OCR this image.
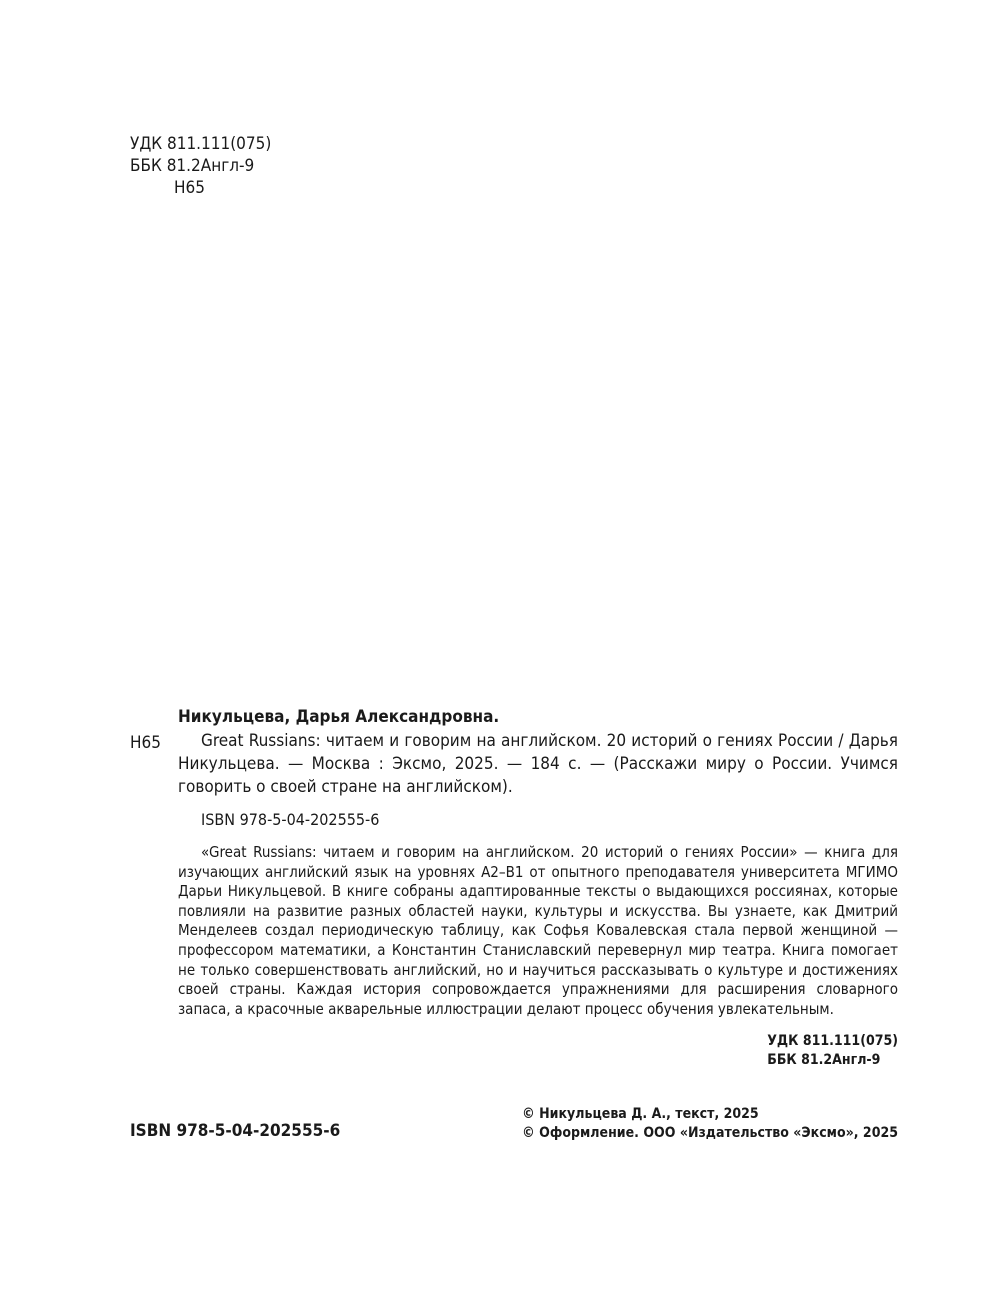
УДК 811.111(075)
ББК 81.2Англ-9
Н65
Никульцева, Дарья Александровна.
Н65	Great Russians: читаем и говорим на английском. 20 историй о гениях России / Дарья Никульцева. — Москва : Эксмо, 2025. — 184 с. — (Расскажи миру о России. Учимся говорить о своей стране на английском).
ISBN 978-5-04-202555-6
«Great Russians: читаем и говорим на английском. 20 историй о гениях России» — книга для изучающих английский язык на уровнях A2–B1 от опытного преподавателя университета МГИМО Дарьи Никульцевой. В книге собраны адаптированные тексты о выдающихся россиянах, которые повлияли на развитие разных областей науки, культуры и искусства. Вы узнаете, как Дмитрий Менделеев создал периодическую таблицу, как Софья Ковалевская стала первой женщиной — профессором математики, а Константин Станиславский перевернул мир театра. Книга помогает не только совершенствовать английский, но и научиться рассказывать о культуре и достижениях своей страны. Каждая история сопровождается упражнениями для расширения словарного запаса, а красочные акварельные иллюстрации делают процесс обучения увлекательным.
УДК 811.111(075)
ББК 81.2Англ-9
ISBN 978-5-04-202555-6
© Никульцева Д. А., текст, 2025
© Оформление. ООО «Издательство «Эксмо», 2025
